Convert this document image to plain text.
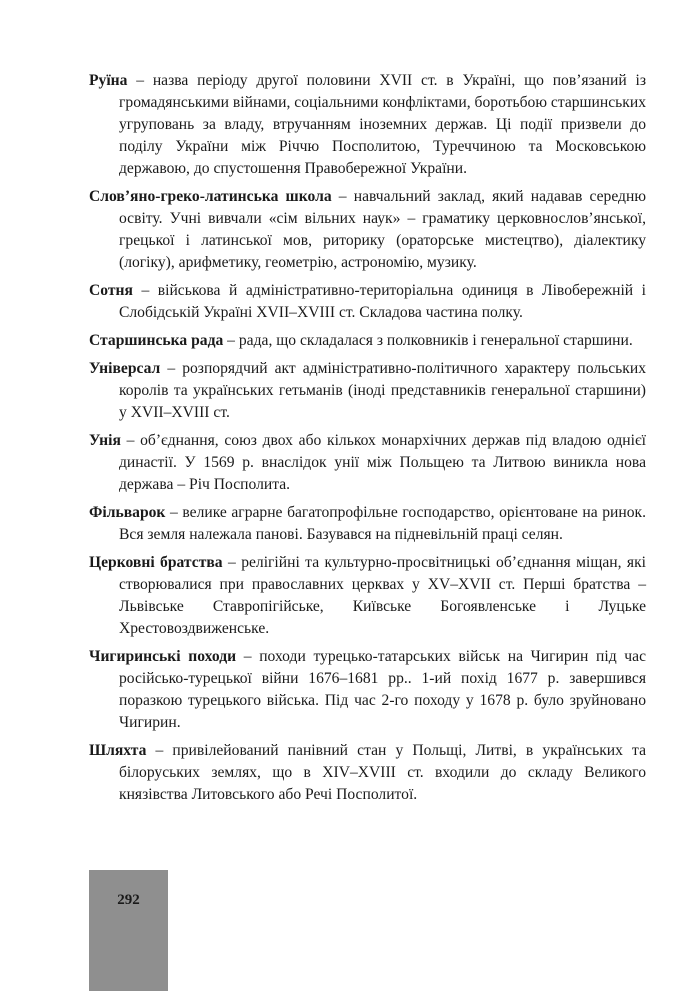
Руїна – назва періоду другої половини XVII ст. в Україні, що пов’язаний із громадянськими війнами, соціальними конфліктами, боротьбою старшинських угруповань за владу, втручанням іноземних держав. Ці події призвели до поділу України між Річчю Посполитою, Туреччиною та Московською державою, до спустошення Правобережної України.

Слов’яно-греко-латинська школа – навчальний заклад, який надавав середню освіту. Учні вивчали «сім вільних наук» – граматику церковнослов’янської, грецької і латинської мов, риторику (ораторське мистецтво), діалектику (логіку), арифметику, геометрію, астрономію, музику.

Сотня – військова й адміністративно-територіальна одиниця в Лівобережній і Слобідській Україні XVII–XVIII ст. Складова частина полку.

Старшинська рада – рада, що складалася з полковників і генеральної старшини.

Універсал – розпорядчий акт адміністративно-політичного характеру польських королів та українських гетьманів (іноді представників генеральної старшини) у XVII–XVIII ст.

Унія – об’єднання, союз двох або кількох монархічних держав під владою однієї династії. У 1569 р. внаслідок унії між Польщею та Литвою виникла нова держава – Річ Посполита.

Фільварок – велике аграрне багатопрофільне господарство, орієнтоване на ринок. Вся земля належала панові. Базувався на підневільній праці селян.

Церковні братства – релігійні та культурно-просвітницькі об’єднання міщан, які створювалися при православних церквах у XV–XVII ст. Перші братства – Львівське Ставропігійське, Київське Богоявленське і Луцьке Хрестовоздвиженське.

Чигиринські походи – походи турецько-татарських військ на Чигирин під час російсько-турецької війни 1676–1681 рр.. 1-ий похід 1677 р. завершився поразкою турецького війська. Під час 2-го походу у 1678 р. було зруйновано Чигирин.

Шляхта – привілейований панівний стан у Польщі, Литві, в українських та білоруських землях, що в XIV–XVIII ст. входили до складу Великого князівства Литовського або Речі Посполитої.

292
